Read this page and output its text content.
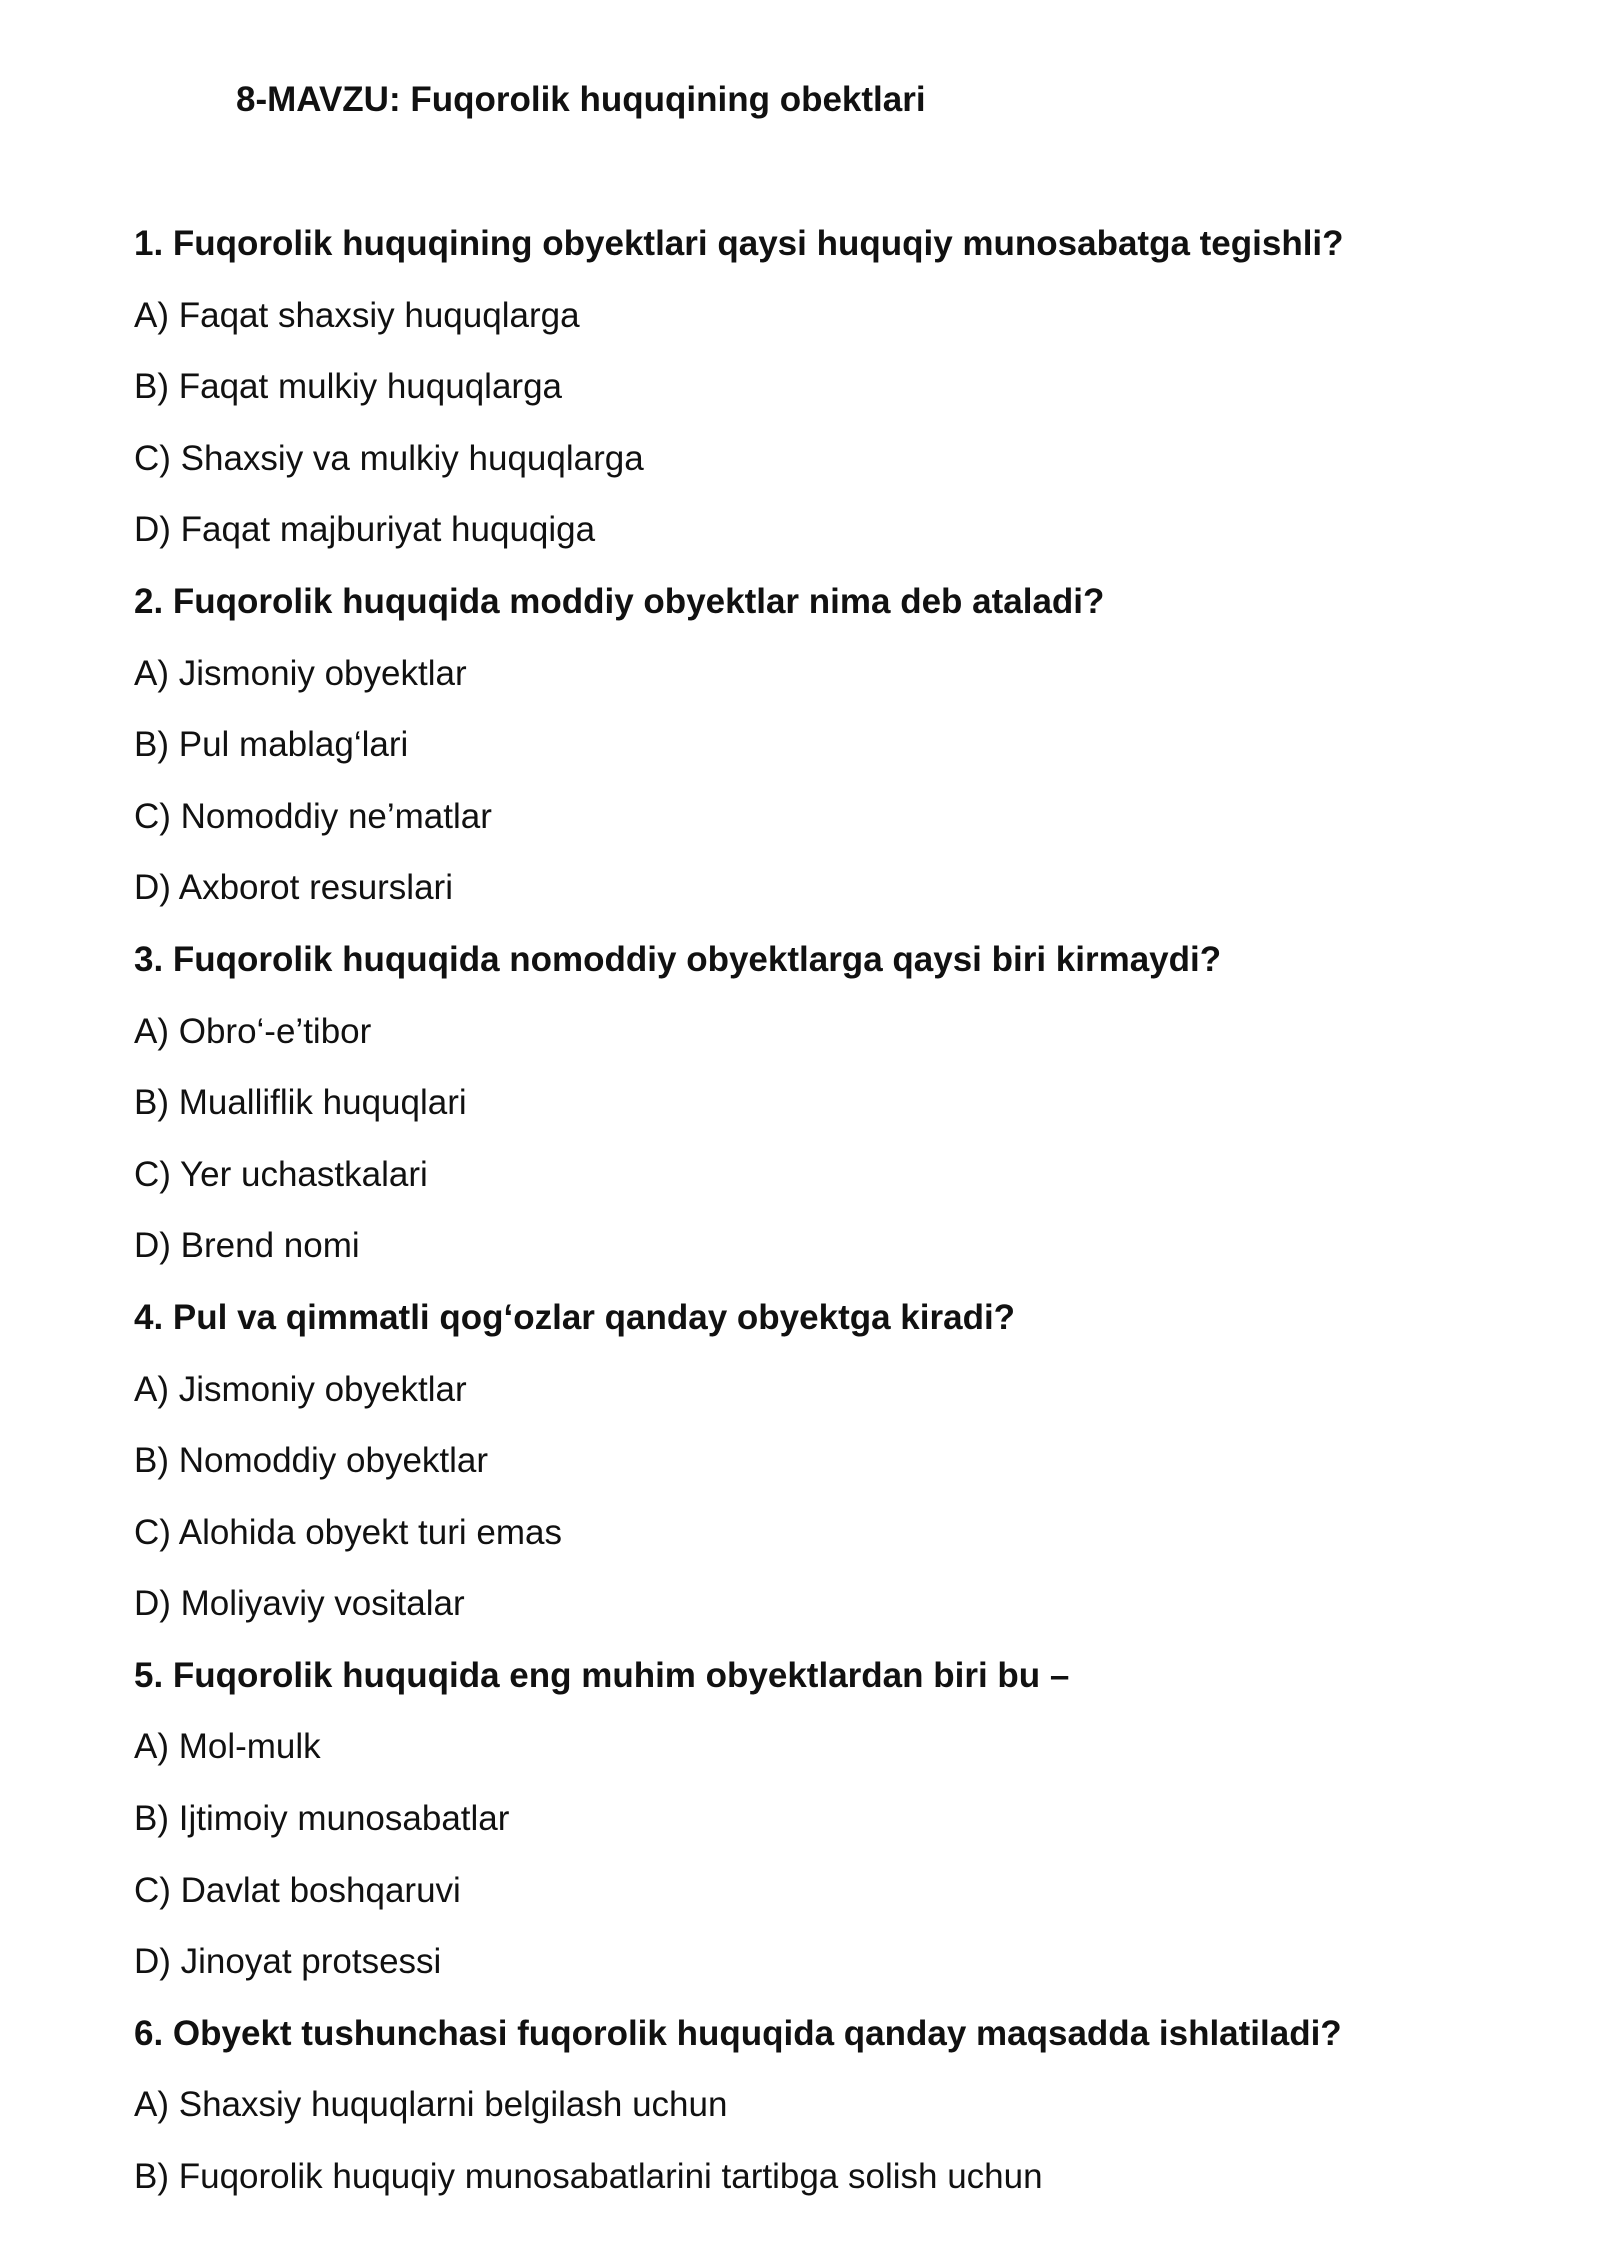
8-MAVZU: Fuqorolik huquqining obektlari
1. Fuqorolik huquqining obyektlari qaysi huquqiy munosabatga tegishli?
A) Faqat shaxsiy huquqlarga
B) Faqat mulkiy huquqlarga
C) Shaxsiy va mulkiy huquqlarga
D) Faqat majburiyat huquqiga
2. Fuqorolik huquqida moddiy obyektlar nima deb ataladi?
A) Jismoniy obyektlar
B) Pul mablag‘lari
C) Nomoddiy ne’matlar
D) Axborot resurslari
3. Fuqorolik huquqida nomoddiy obyektlarga qaysi biri kirmaydi?
A) Obro‘-e’tibor
B) Mualliflik huquqlari
C) Yer uchastkalari
D) Brend nomi
4. Pul va qimmatli qog‘ozlar qanday obyektga kiradi?
A) Jismoniy obyektlar
B) Nomoddiy obyektlar
C) Alohida obyekt turi emas
D) Moliyaviy vositalar
5. Fuqorolik huquqida eng muhim obyektlardan biri bu –
A) Mol-mulk
B) Ijtimoiy munosabatlar
C) Davlat boshqaruvi
D) Jinoyat protsessi
6. Obyekt tushunchasi fuqorolik huquqida qanday maqsadda ishlatiladi?
A) Shaxsiy huquqlarni belgilash uchun
B) Fuqorolik huquqiy munosabatlarini tartibga solish uchun
